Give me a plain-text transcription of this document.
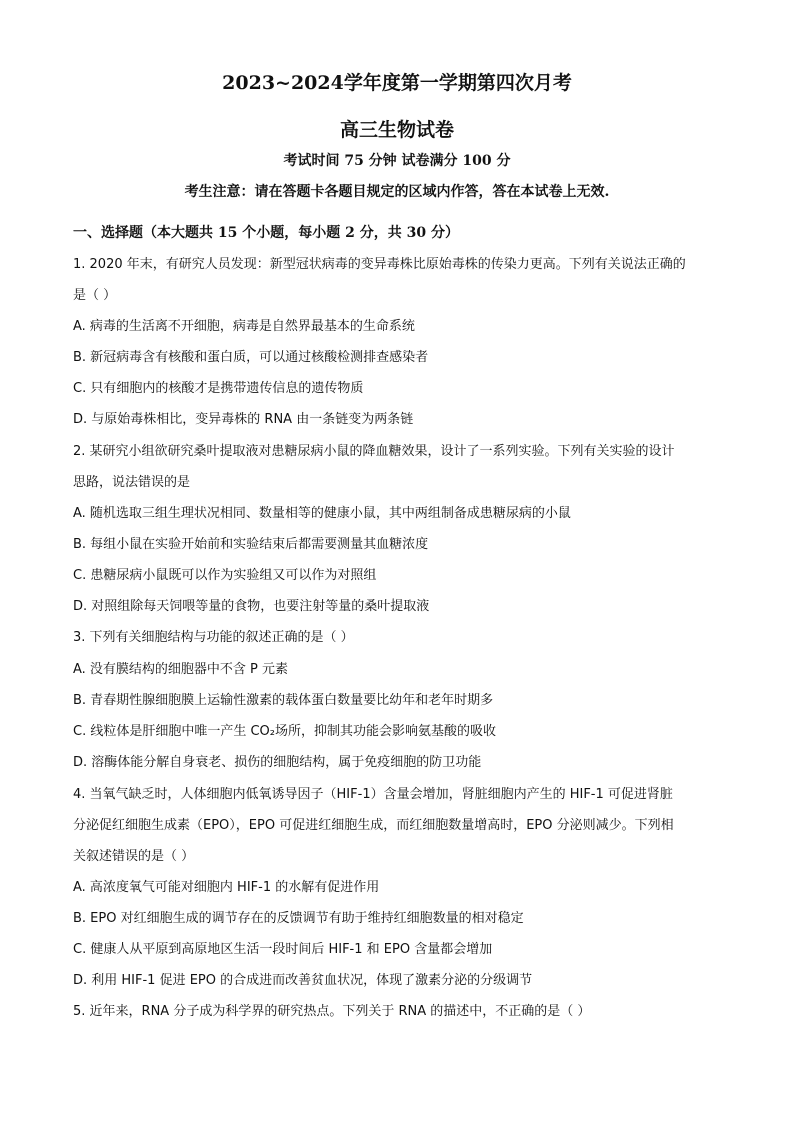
2023~2024学年度第一学期第四次月考
高三生物试卷
考试时间 75 分钟 试卷满分 100 分
考生注意：请在答题卡各题目规定的区域内作答，答在本试卷上无效.
一、选择题（本大题共 15 个小题，每小题 2 分，共 30 分）
1. 2020 年末，有研究人员发现：新型冠状病毒的变异毒株比原始毒株的传染力更高。下列有关说法正确的
是（ ）
A. 病毒的生活离不开细胞，病毒是自然界最基本的生命系统
B. 新冠病毒含有核酸和蛋白质，可以通过核酸检测排查感染者
C. 只有细胞内的核酸才是携带遗传信息的遗传物质
D. 与原始毒株相比，变异毒株的 RNA 由一条链变为两条链
2. 某研究小组欲研究桑叶提取液对患糖尿病小鼠的降血糖效果，设计了一系列实验。下列有关实验的设计
思路，说法错误的是
A. 随机选取三组生理状况相同、数量相等的健康小鼠，其中两组制备成患糖尿病的小鼠
B. 每组小鼠在实验开始前和实验结束后都需要测量其血糖浓度
C. 患糖尿病小鼠既可以作为实验组又可以作为对照组
D. 对照组除每天饲喂等量的食物，也要注射等量的桑叶提取液
3. 下列有关细胞结构与功能的叙述正确的是（ ）
A. 没有膜结构的细胞器中不含 P 元素
B. 青春期性腺细胞膜上运输性激素的载体蛋白数量要比幼年和老年时期多
C. 线粒体是肝细胞中唯一产生 CO₂场所，抑制其功能会影响氨基酸的吸收
D. 溶酶体能分解自身衰老、损伤的细胞结构，属于免疫细胞的防卫功能
4. 当氧气缺乏时，人体细胞内低氧诱导因子（HIF-1）含量会增加，肾脏细胞内产生的 HIF-1 可促进肾脏
分泌促红细胞生成素（EPO），EPO 可促进红细胞生成，而红细胞数量增高时，EPO 分泌则减少。下列相
关叙述错误的是（ ）
A. 高浓度氧气可能对细胞内 HIF-1 的水解有促进作用
B. EPO 对红细胞生成的调节存在的反馈调节有助于维持红细胞数量的相对稳定
C. 健康人从平原到高原地区生活一段时间后 HIF-1 和 EPO 含量都会增加
D. 利用 HIF-1 促进 EPO 的合成进而改善贫血状况，体现了激素分泌的分级调节
5. 近年来，RNA 分子成为科学界的研究热点。下列关于 RNA 的描述中，不正确的是（ ）
